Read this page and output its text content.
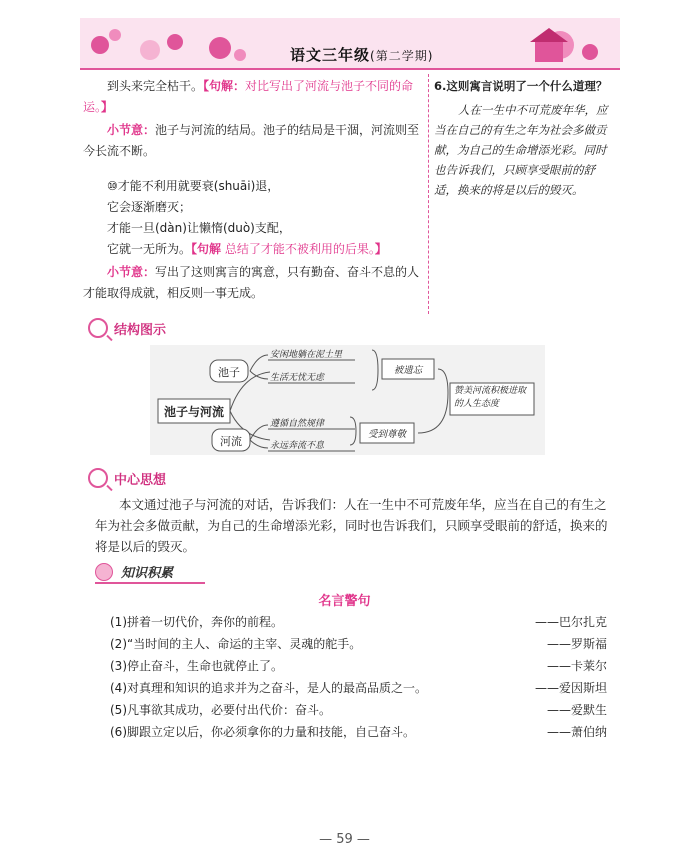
语文三年级(第二学期)

到头来完全枯干。【句解：对比写出了河流与池子不同的命运。】

小节意：池子与河流的结局。池子的结局是干涸，河流则至今长流不断。

⑩才能不利用就要衰(shuāi)退，

它会逐渐磨灭；

才能一旦(dàn)让懒惰(duò)支配，

它就一无所为。【句解 总结了才能不被利用的后果。】

小节意：写出了这则寓言的寓意，只有勤奋、奋斗不息的人才能取得成就，相反则一事无成。

6.这则寓言说明了一个什么道理？

人在一生中不可荒废年华，应当在自己的有生之年为社会多做贡献，为自己的生命增添光彩。同时也告诉我们，只顾享受眼前的舒适，换来的将是以后的毁灭。

结构图示
池子与河流
池子
河流
安闲地躺在泥土里
生活无忧无虑
遵循自然规律
永远奔流不息
被遗忘
受到尊敬
赞美河流积极进取的人生态度
中心思想
本文通过池子与河流的对话，告诉我们：人在一生中不可荒废年华，应当在自己的有生之年为社会多做贡献，为自己的生命增添光彩，同时也告诉我们，只顾享受眼前的舒适，换来的将是以后的毁灭。
知识积累
名言警句
(1)拼着一切代价，奔你的前程。	——巴尔扎克
(2)“当时间的主人、命运的主宰、灵魂的舵手。	——罗斯福
(3)停止奋斗，生命也就停止了。	——卡莱尔
(4)对真理和知识的追求并为之奋斗，是人的最高品质之一。	——爱因斯坦
(5)凡事欲其成功，必要付出代价：奋斗。	——爱默生
(6)脚跟立定以后，你必须拿你的力量和技能，自己奋斗。	——萧伯纳
— 59 —
